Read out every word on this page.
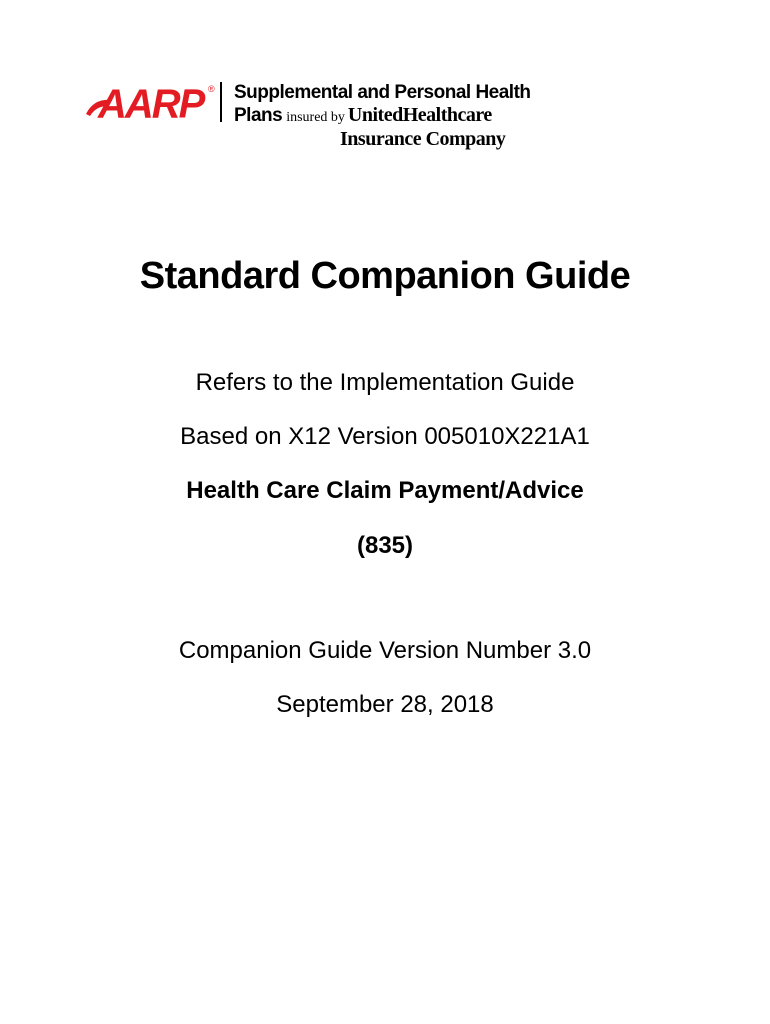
AARP ® Supplemental and Personal Health
Plans insured by UnitedHealthcare
Insurance Company
Standard Companion Guide
Refers to the Implementation Guide
Based on X12 Version 005010X221A1
Health Care Claim Payment/Advice
(835)
Companion Guide Version Number 3.0
September 28, 2018
